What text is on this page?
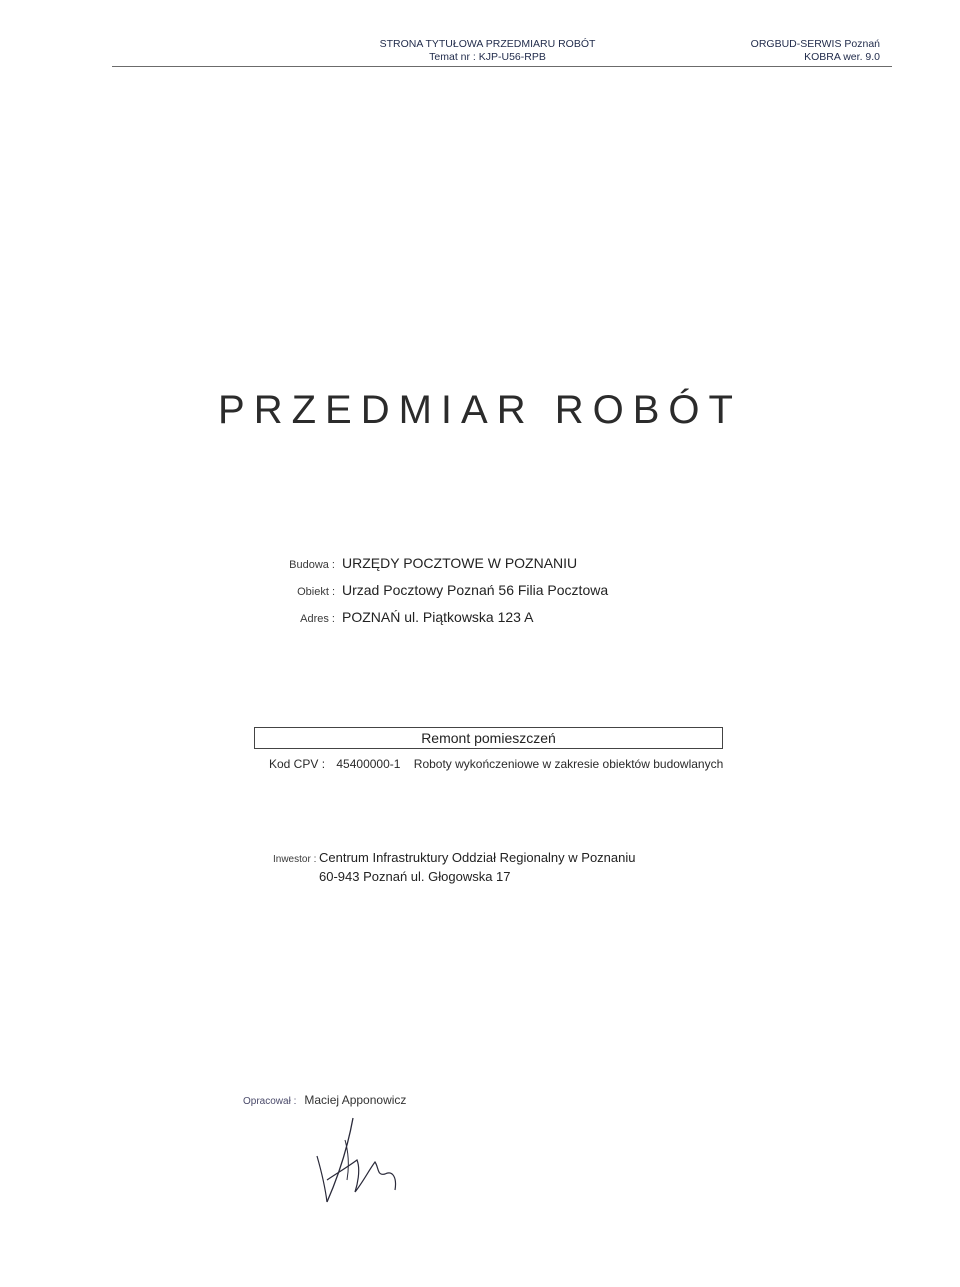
STRONA TYTUŁOWA PRZEDMIARU ROBÓT
Temat nr : KJP-U56-RPB
ORGBUD-SERWIS Poznań
KOBRA wer. 9.0
PRZEDMIAR ROBÓT
Budowa : URZĘDY POCZTOWE W POZNANIU
Obiekt : Urzad Pocztowy Poznań 56 Filia Pocztowa
Adres : POZNAŃ ul. Piątkowska 123 A
Remont pomieszczeń
Kod CPV : 45400000-1 Roboty wykończeniowe w zakresie obiektów budowlanych
Inwestor : Centrum Infrastruktury Oddział Regionalny w Poznaniu
60-943 Poznań ul. Głogowska 17
Opracował : Maciej Apponowicz
